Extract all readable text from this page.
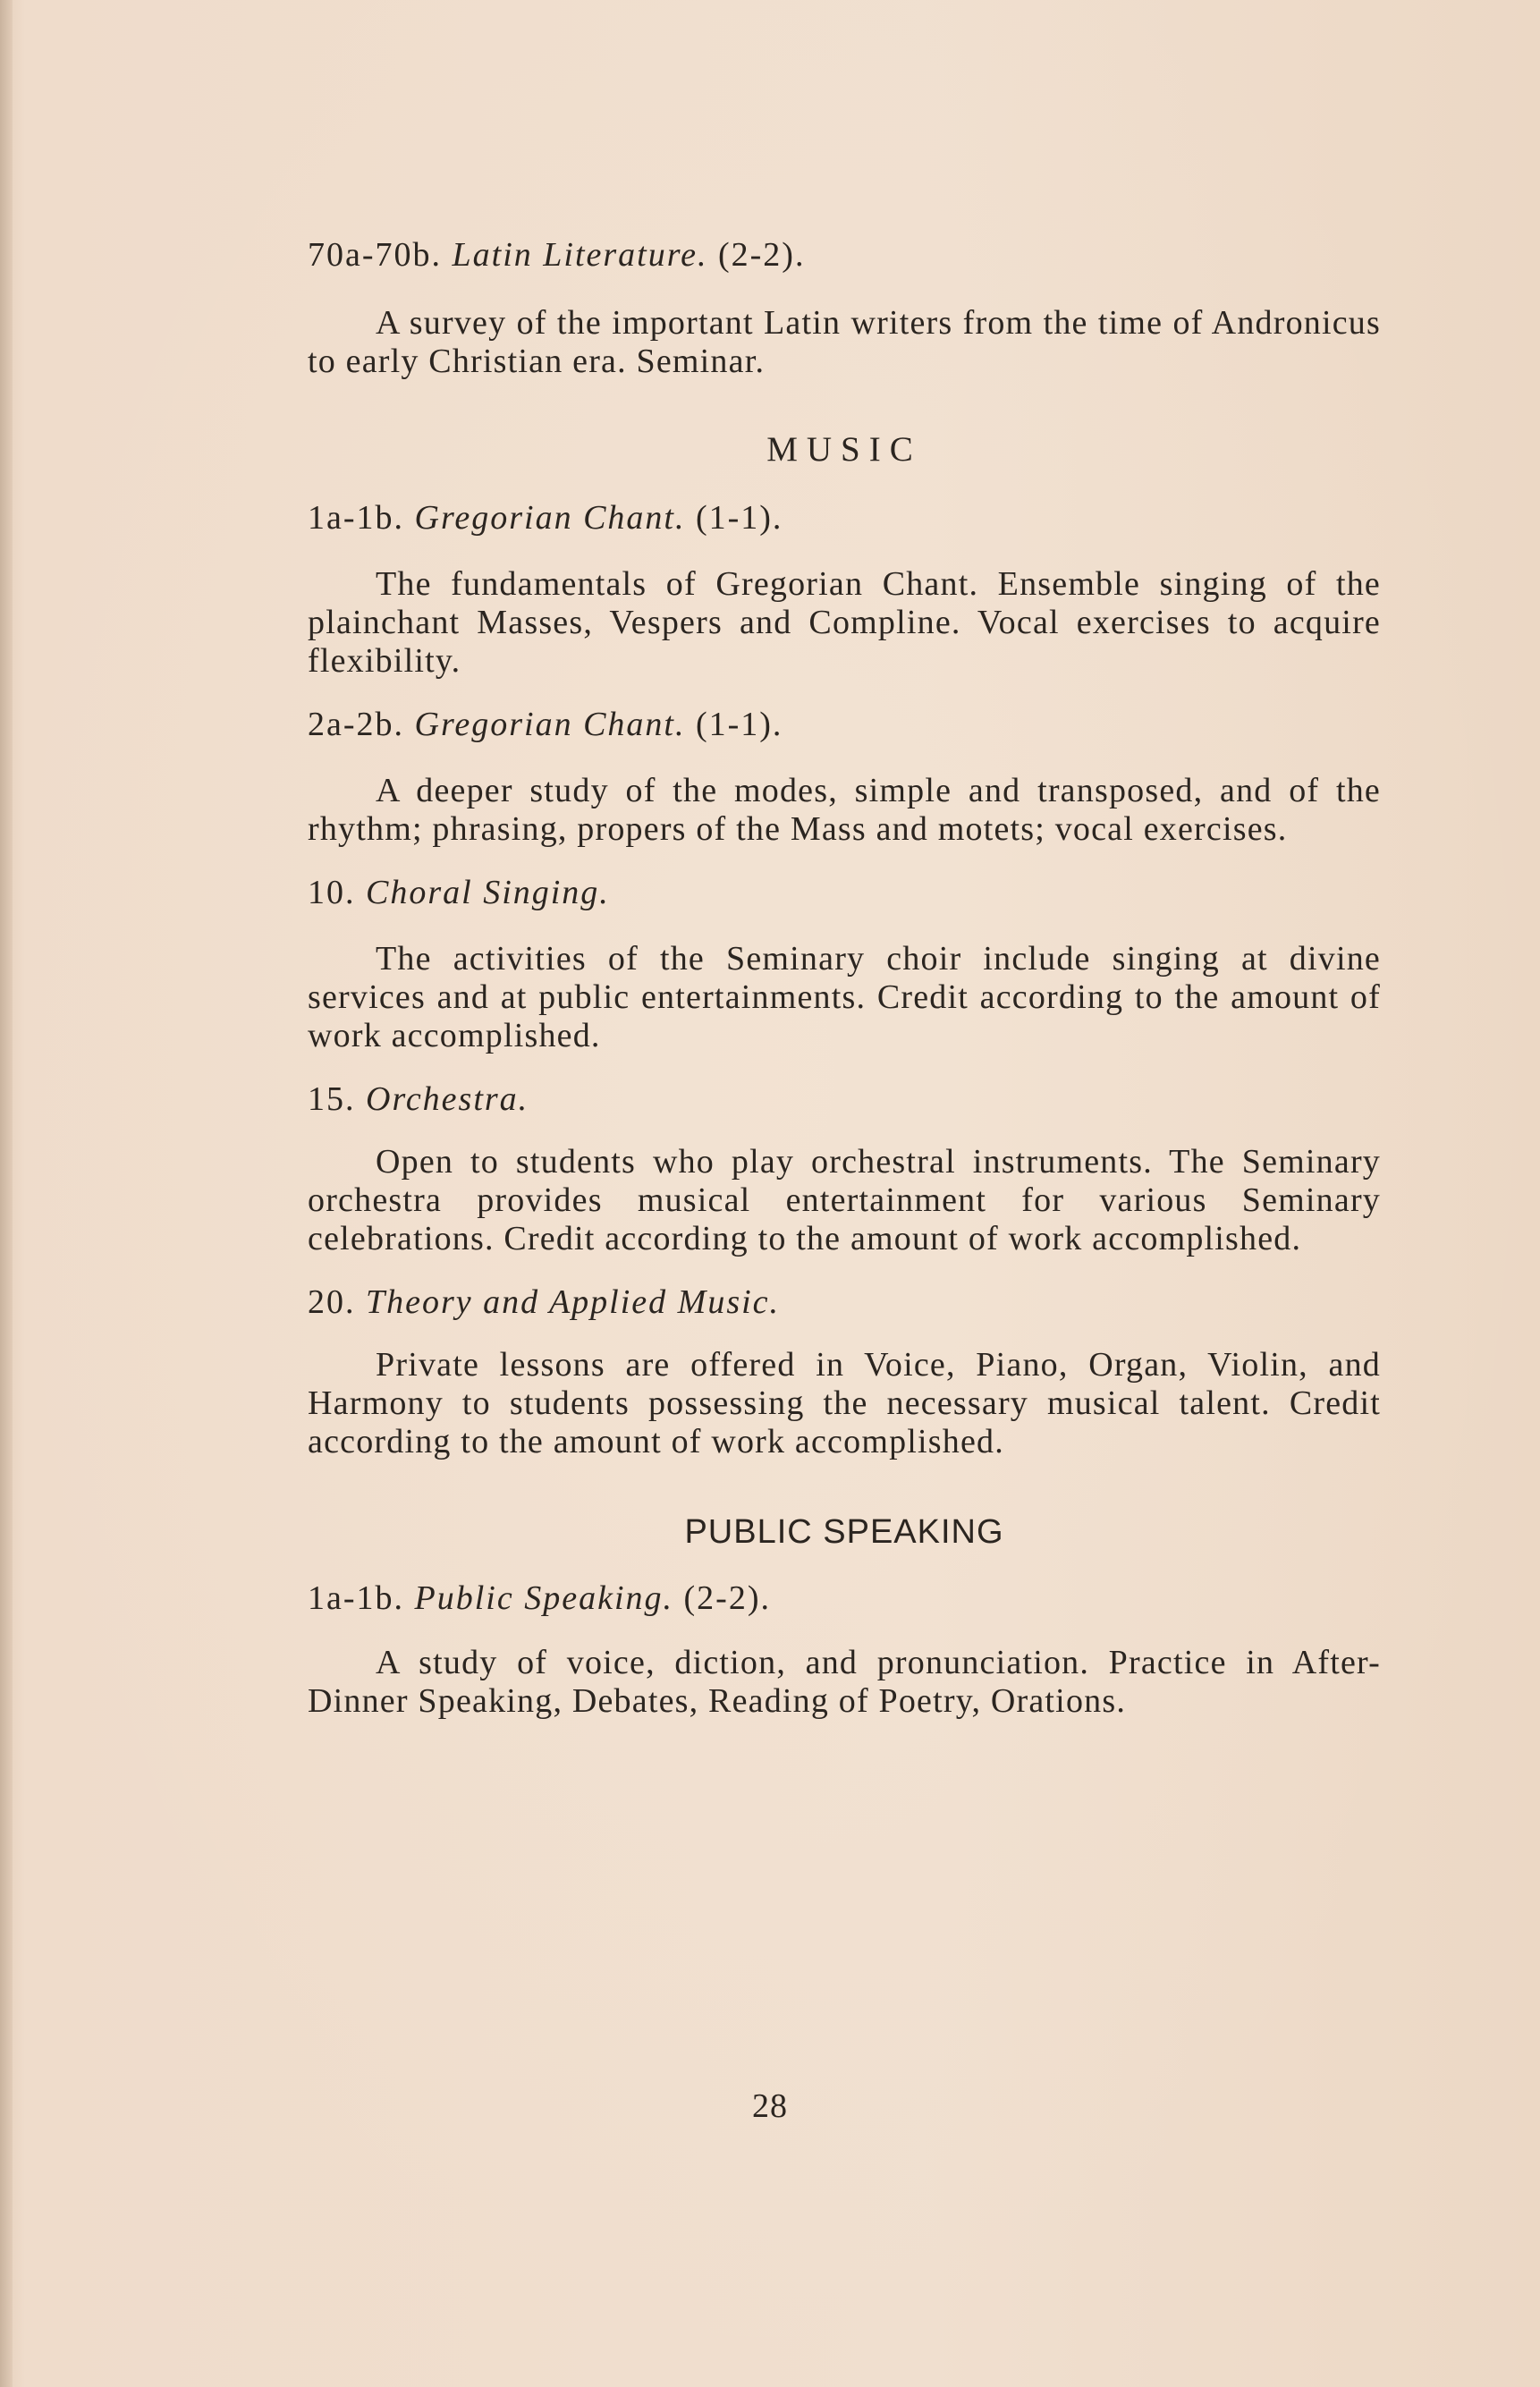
70a-70b. Latin Literature. (2-2).

A survey of the important Latin writers from the time of Andronicus to early Christian era. Seminar.

MUSIC

1a-1b. Gregorian Chant. (1-1).

The fundamentals of Gregorian Chant. Ensemble singing of the plainchant Masses, Vespers and Compline. Vocal exercises to acquire flexibility.

2a-2b. Gregorian Chant. (1-1).

A deeper study of the modes, simple and transposed, and of the rhythm; phrasing, propers of the Mass and motets; vocal exercises.

10. Choral Singing.

The activities of the Seminary choir include singing at divine services and at public entertainments. Credit according to the amount of work accomplished.

15. Orchestra.

Open to students who play orchestral instruments. The Seminary orchestra provides musical entertainment for various Seminary celebrations. Credit according to the amount of work accomplished.

20. Theory and Applied Music.

Private lessons are offered in Voice, Piano, Organ, Violin, and Harmony to students possessing the necessary musical talent. Credit according to the amount of work accomplished.

PUBLIC SPEAKING

1a-1b. Public Speaking. (2-2).

A study of voice, diction, and pronunciation. Practice in After-Dinner Speaking, Debates, Reading of Poetry, Orations.

28
